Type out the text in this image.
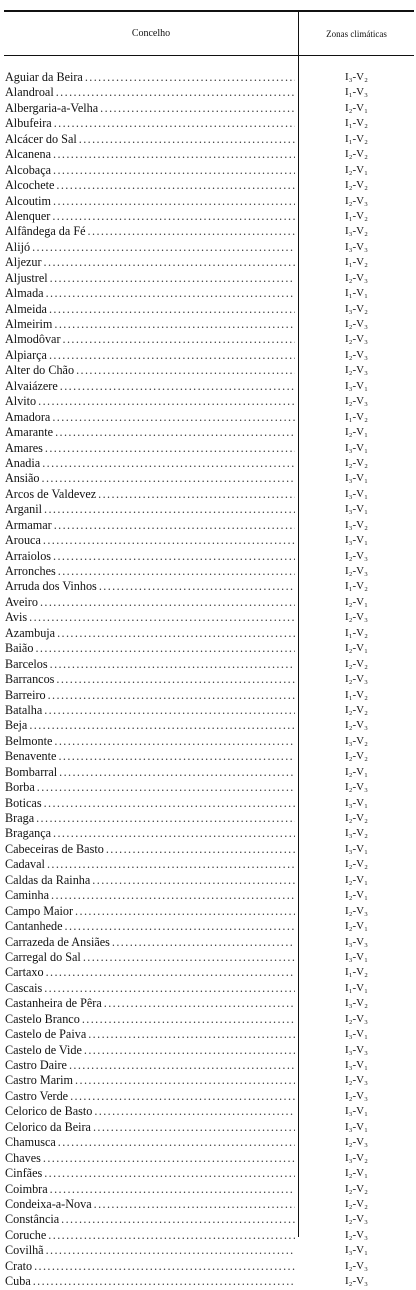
Concelho	Zonas climáticas
Aguiar da Beira .....	I₃-V₂
Alandroal .....	I₁-V₃
Albergaria-a-Velha .....	I₂-V₁
Albufeira .....	I₁-V₂
Alcácer do Sal .....	I₁-V₂
Alcanena .....	I₂-V₂
Alcobaça .....	I₂-V₁
Alcochete .....	I₂-V₂
Alcoutim .....	I₂-V₃
Alenquer .....	I₁-V₂
Alfândega da Fé .....	I₃-V₂
Alijó .....	I₃-V₃
Aljezur .....	I₁-V₂
Aljustrel .....	I₂-V₃
Almada .....	I₁-V₁
Almeida .....	I₃-V₂
Almeirim .....	I₂-V₃
Almodôvar .....	I₂-V₃
Alpiarça .....	I₂-V₃
Alter do Chão .....	I₂-V₃
Alvaiázere .....	I₃-V₁
Alvito .....	I₂-V₃
Amadora .....	I₁-V₂
Amarante .....	I₂-V₁
Amares .....	I₃-V₁
Anadia .....	I₂-V₂
Ansião .....	I₃-V₁
Arcos de Valdevez .....	I₃-V₁
Arganil .....	I₃-V₁
Armamar .....	I₃-V₂
Arouca .....	I₃-V₁
Arraiolos .....	I₂-V₃
Arronches .....	I₂-V₃
Arruda dos Vinhos .....	I₁-V₂
Aveiro .....	I₂-V₁
Avis .....	I₂-V₃
Azambuja .....	I₁-V₂
Baião .....	I₂-V₁
Barcelos .....	I₂-V₂
Barrancos .....	I₂-V₃
Barreiro .....	I₁-V₂
Batalha .....	I₂-V₂
Beja .....	I₂-V₃
Belmonte .....	I₃-V₂
Benavente .....	I₂-V₂
Bombarral .....	I₂-V₁
Borba .....	I₂-V₃
Boticas .....	I₃-V₁
Braga .....	I₂-V₂
Bragança .....	I₃-V₂
Cabeceiras de Basto .....	I₃-V₁
Cadaval .....	I₂-V₂
Caldas da Rainha .....	I₂-V₁
Caminha .....	I₂-V₁
Campo Maior .....	I₂-V₃
Cantanhede .....	I₂-V₁
Carrazeda de Ansiães .....	I₃-V₃
Carregal do Sal .....	I₃-V₁
Cartaxo .....	I₁-V₂
Cascais .....	I₁-V₁
Castanheira de Pêra .....	I₃-V₂
Castelo Branco .....	I₂-V₃
Castelo de Paiva .....	I₃-V₁
Castelo de Vide .....	I₃-V₃
Castro Daire .....	I₃-V₁
Castro Marim .....	I₂-V₃
Castro Verde .....	I₂-V₃
Celorico de Basto .....	I₃-V₁
Celorico da Beira .....	I₃-V₁
Chamusca .....	I₂-V₃
Chaves .....	I₃-V₂
Cinfães .....	I₂-V₁
Coimbra .....	I₂-V₂
Condeixa-a-Nova .....	I₂-V₂
Constância .....	I₂-V₃
Coruche .....	I₂-V₃
Covilhã .....	I₃-V₁
Crato .....	I₂-V₃
Cuba .....	I₂-V₃
